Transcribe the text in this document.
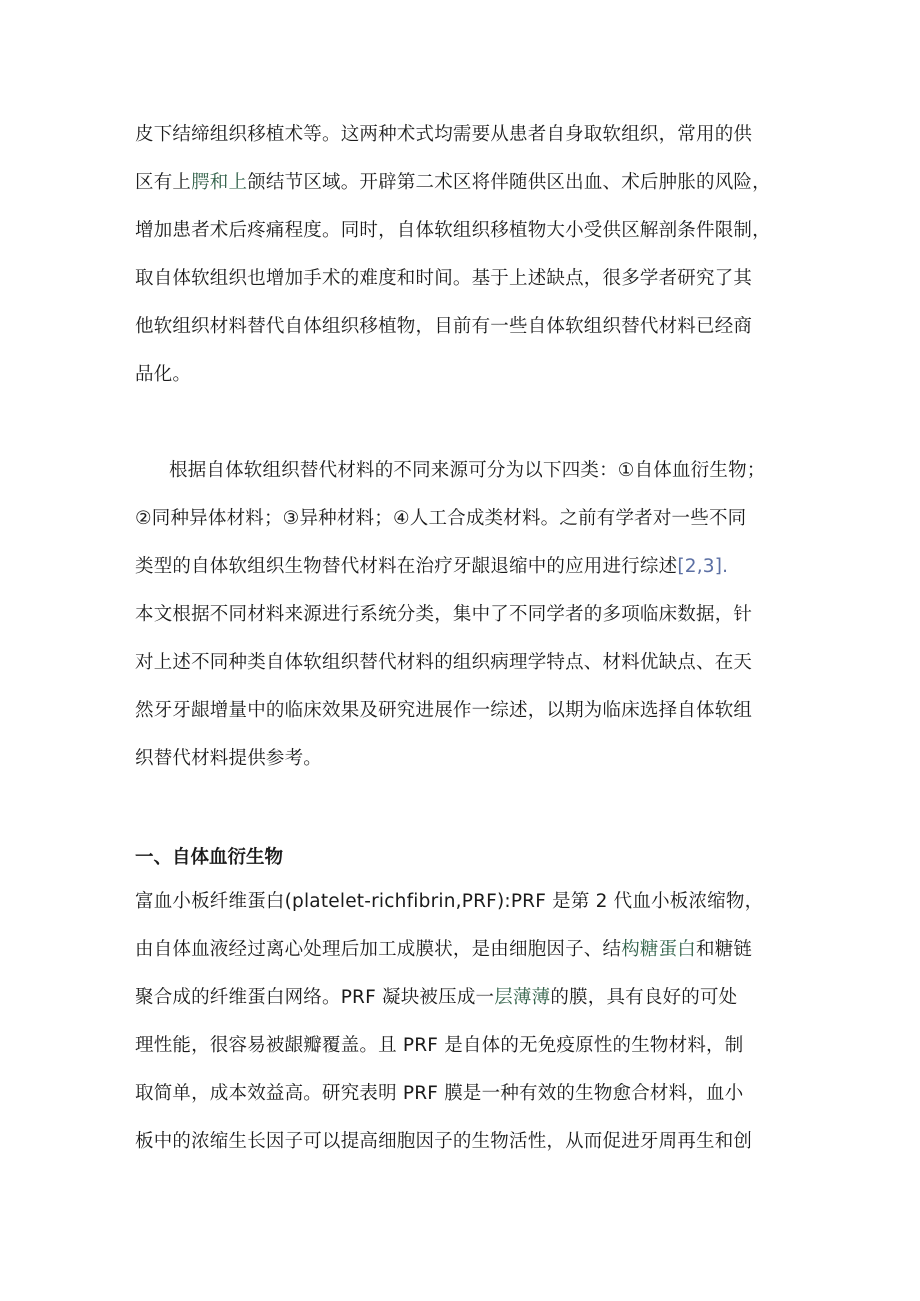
皮下结缔组织移植术等。这两种术式均需要从患者自身取软组织，常用的供
区有上腭和上颌结节区域。开辟第二术区将伴随供区出血、术后肿胀的风险，
增加患者术后疼痛程度。同时，自体软组织移植物大小受供区解剖条件限制，
取自体软组织也增加手术的难度和时间。基于上述缺点，很多学者研究了其
他软组织材料替代自体组织移植物，目前有一些自体软组织替代材料已经商
品化。
根据自体软组织替代材料的不同来源可分为以下四类：①自体血衍生物；
②同种异体材料；③异种材料；④人工合成类材料。之前有学者对一些不同
类型的自体软组织生物替代材料在治疗牙龈退缩中的应用进行综述[2,3].
本文根据不同材料来源进行系统分类，集中了不同学者的多项临床数据，针
对上述不同种类自体软组织替代材料的组织病理学特点、材料优缺点、在天
然牙牙龈增量中的临床效果及研究进展作一综述，以期为临床选择自体软组
织替代材料提供参考。
一、自体血衍生物
富血小板纤维蛋白(platelet-richfibrin,PRF):PRF 是第 2 代血小板浓缩物，
由自体血液经过离心处理后加工成膜状，是由细胞因子、结构糖蛋白和糖链
聚合成的纤维蛋白网络。PRF 凝块被压成一层薄薄的膜，具有良好的可处
理性能，很容易被龈瓣覆盖。且 PRF 是自体的无免疫原性的生物材料，制
取简单，成本效益高。研究表明 PRF 膜是一种有效的生物愈合材料，血小
板中的浓缩生长因子可以提高细胞因子的生物活性，从而促进牙周再生和创
